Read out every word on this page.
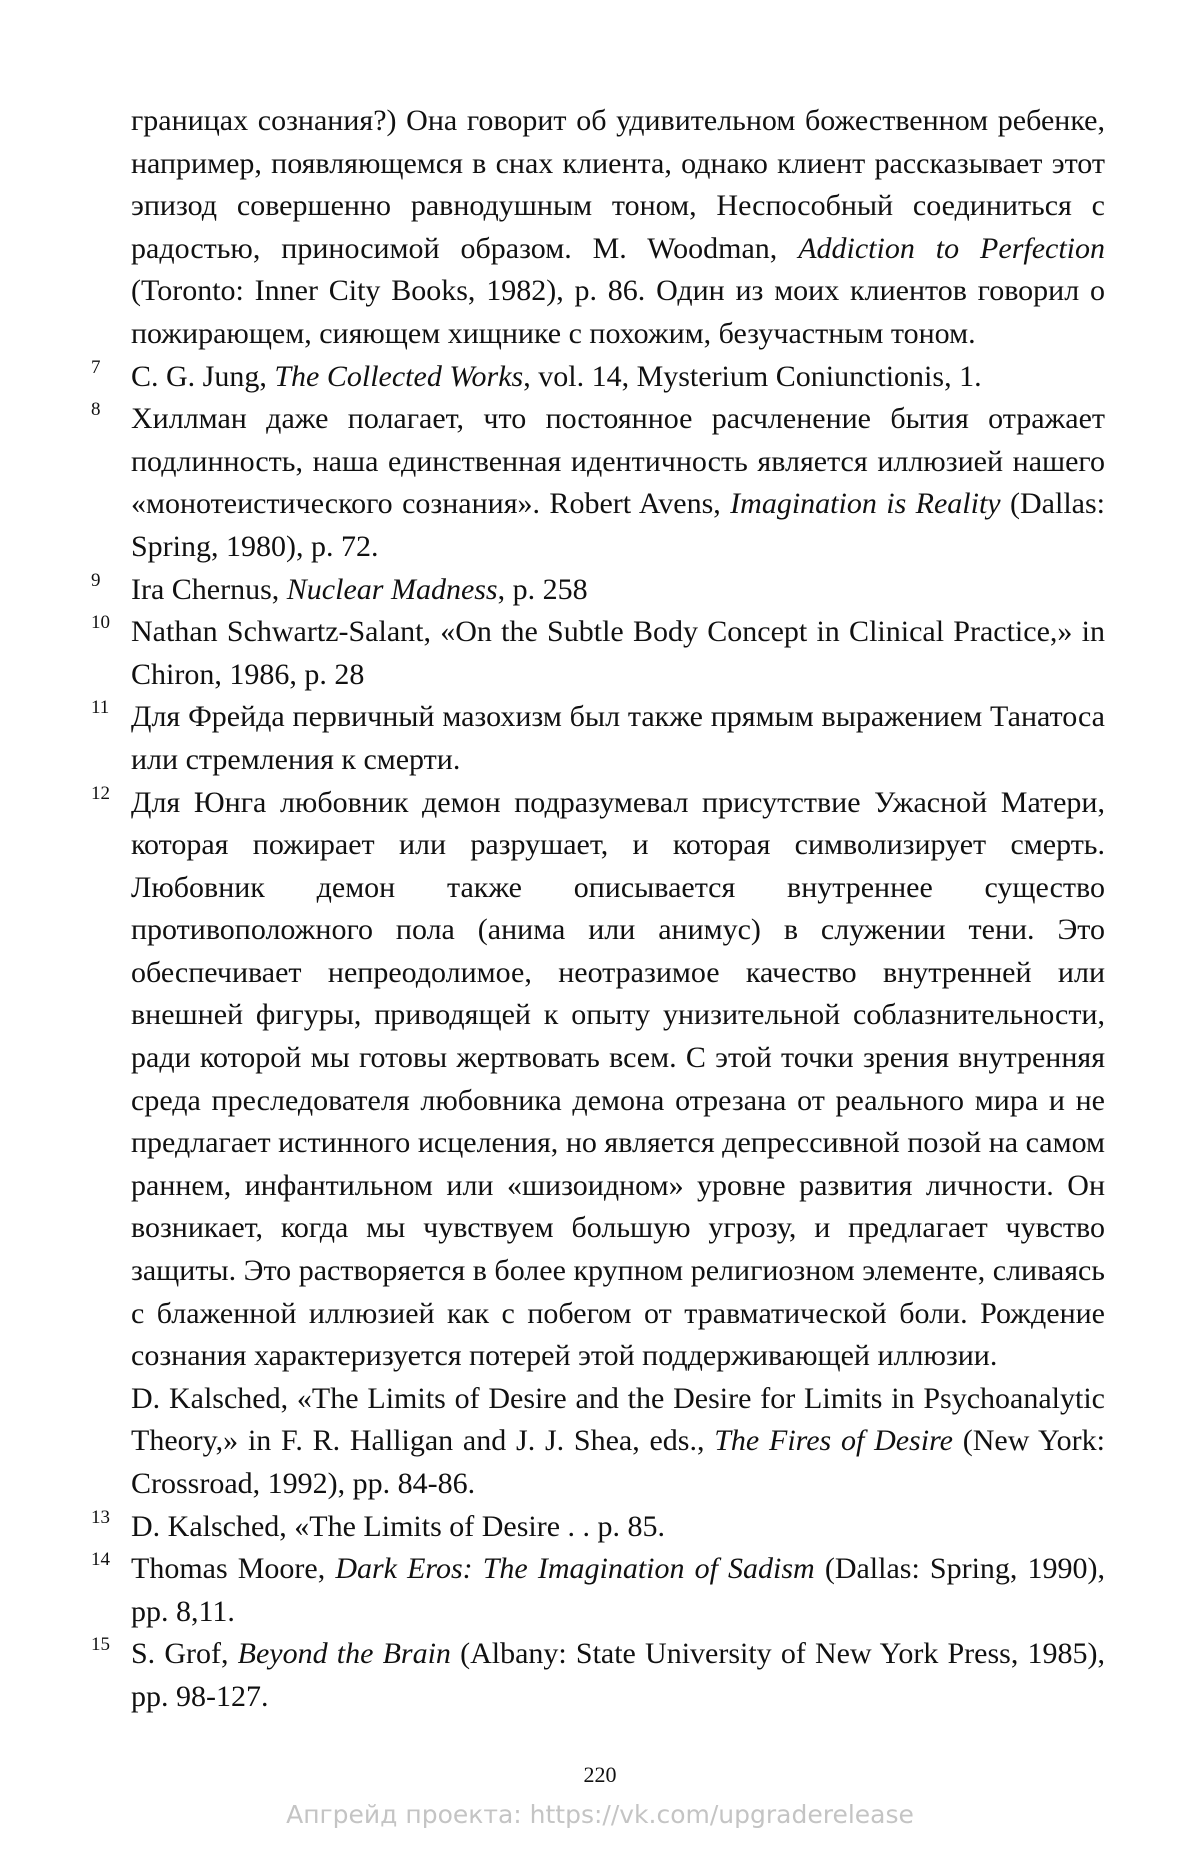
границах сознания?) Она говорит об удивительном божественном ребенке, например, появляющемся в снах клиента, однако клиент рассказывает этот эпизод совершенно равнодушным тоном, Неспособный соединиться с радостью, приносимой образом. M. Woodman, Addiction to Perfection (Toronto: Inner City Books, 1982), p. 86. Один из моих клиентов говорил о пожирающем, сияющем хищнике с похожим, безучастным тоном.
7	C. G. Jung, The Collected Works, vol. 14, Mysterium Coniunctionis, 1.
8	Хиллман даже полагает, что постоянное расчленение бытия отражает подлинность, наша единственная идентичность является иллюзией нашего «монотеистического сознания». Robert Avens, Imagination is Reality (Dallas: Spring, 1980), p. 72.
9	Ira Chernus, Nuclear Madness, p. 258
10 Nathan Schwartz-Salant, «On the Subtle Body Concept in Clinical Practice,» in Chiron, 1986, p. 28
11 Для Фрейда первичный мазохизм был также прямым выражением Танатоса или стремления к смерти.
12 Для Юнга любовник демон подразумевал присутствие Ужасной Матери, которая пожирает или разрушает, и которая символизирует смерть. Любовник демон также описывается внутреннее существо противоположного пола (анима или анимус) в служении тени. Это обеспечивает непреодолимое, неотразимое качество внутренней или внешней фигуры, приводящей к опыту унизительной соблазнительности, ради которой мы готовы жертвовать всем. С этой точки зрения внутренняя среда преследователя любовника демона отрезана от реального мира и не предлагает истинного исцеления, но является депрессивной позой на самом раннем, инфантильном или «шизоидном» уровне развития личности. Он возникает, когда мы чувствуем большую угрозу, и предлагает чувство защиты. Это растворяется в более крупном религиозном элементе, сливаясь с блаженной иллюзией как с побегом от травматической боли. Рождение сознания характеризуется потерей этой поддерживающей иллюзии.
D. Kalsched, «The Limits of Desire and the Desire for Limits in Psychoanalytic Theory,» in F. R. Halligan and J. J. Shea, eds., The Fires of Desire (New York: Crossroad, 1992), pp. 84-86.
13 D. Kalsched, «The Limits of Desire . . p. 85.
14 Thomas Moore, Dark Eros: The Imagination of Sadism (Dallas: Spring, 1990), pp. 8,11.
15 S. Grof, Beyond the Brain (Albany: State University of New York Press, 1985), pp. 98-127.
220
Апгрейд проекта: https://vk.com/upgraderelease
